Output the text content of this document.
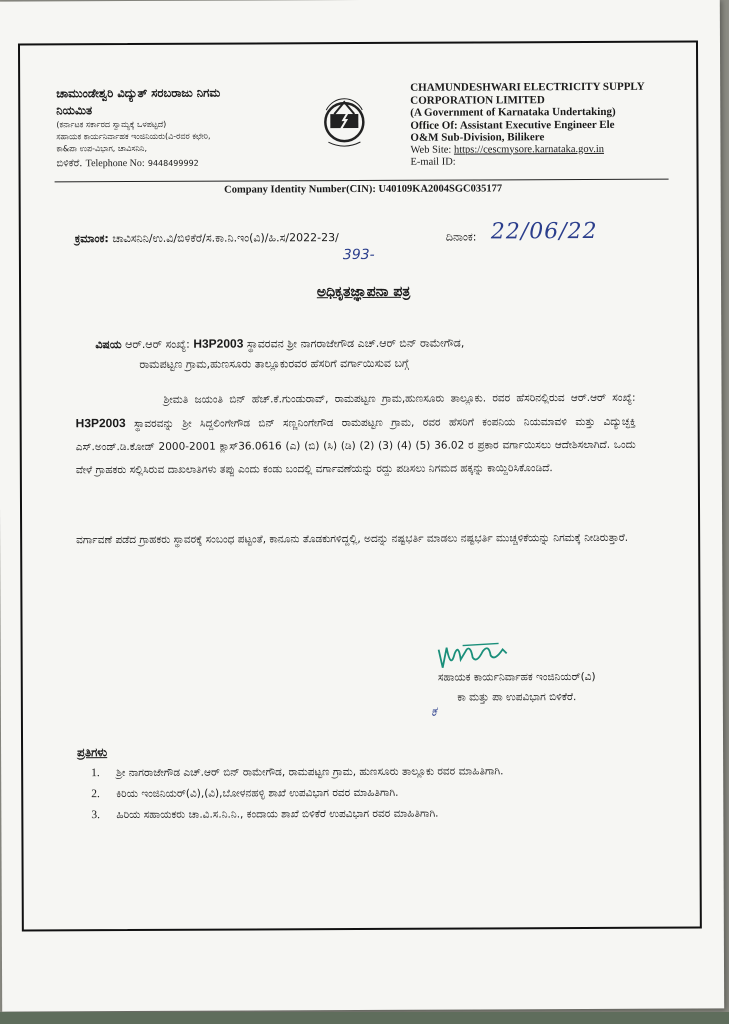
ಚಾಮುಂಡೇಶ್ವರಿ ವಿದ್ಯುತ್ ಸರಬರಾಜು ನಿಗಮ
ನಿಯಮಿತ
(ಕರ್ನಾಟಕ ಸರ್ಕಾರದ ಸ್ವಾಮ್ಯಕ್ಕೆ ಒಳಪಟ್ಟದೆ)
ಸಹಾಯಕ ಕಾರ್ಯನಿರ್ವಾಹಕ ಇಂಜಿನಿಯರು(ವಿ-ರವರ ಕಛೇರಿ,
ಕಾ&ಪಾ ಉಪ-ವಿಭಾಗ, ಚಾವಿಸನಿನಿ,
ಬಿಳಿಕೆರೆ. Telephone No: 9448499992
CHAMUNDESHWARI ELECTRICITY SUPPLY
CORPORATION LIMITED
(A Government of Karnataka Undertaking)
Office Of: Assistant Executive Engineer Ele
O&M Sub-Division, Bilikere
Web Site: https://cescmysore.karnataka.gov.in
E-mail ID:
Company Identity Number(CIN): U40109KA2004SGC035177
ಕ್ರಮಾಂಕ: ಚಾವಿಸನಿನಿ/ಉ.ವಿ/ಬಿಳಿಕೆರೆ/ಸ.ಕಾ.ನಿ.ಇಂ(ವಿ)/ಹಿ.ಸ/2022-23/
393-
ದಿನಾಂಕ: 22/06/22
ಅಧಿಕೃತಜ್ಞಾಪನಾ ಪತ್ರ
ವಿಷಯ ಆರ್.ಆರ್ ಸಂಖ್ಯೆ: H3P2003 ಸ್ಥಾವರವನ ಶ್ರೀ ನಾಗರಾಜೇಗೌಡ ಎಚ್.ಆರ್ ಬಿನ್ ರಾಮೇಗೌಡ,
ರಾಮಪಟ್ಟಣ ಗ್ರಾಮ,ಹುಣಸೂರು ತಾಲ್ಲೂಕುರವರ ಹೆಸರಿಗೆ ವರ್ಗಾಯಿಸುವ ಬಗ್ಗೆ
ಶ್ರೀಮತಿ ಜಯಂತಿ ಬಿನ್ ಹೆಚ್.ಕೆ.ಗುಂಡುರಾವ್, ರಾಮಪಟ್ಟಣ ಗ್ರಾಮ,ಹುಣಸೂರು ತಾಲ್ಲೂಕು. ರವರ ಹೆಸರಿನಲ್ಲಿರುವ ಆರ್.ಆರ್ ಸಂಖ್ಯೆ: H3P2003 ಸ್ಥಾವರವನ್ನು ಶ್ರೀ ಸಿದ್ದಲಿಂಗೇಗೌಡ ಬಿನ್ ಸಣ್ಣನಿಂಗೇಗೌಡ ರಾಮಪಟ್ಟಣ ಗ್ರಾಮ, ರವರ ಹೆಸರಿಗೆ ಕಂಪನಿಯ ನಿಯಮಾವಳಿ ಮತ್ತು ವಿದ್ಯುಚ್ಛಕ್ತಿ ಎಸ್.ಅಂಡ್.ಡಿ.ಕೋಡ್ 2000-2001 ಕ್ಲಾಸ್36.0616 (ಎ) (ಬಿ) (ಸಿ) (ಡಿ) (2) (3) (4) (5) 36.02 ರ ಪ್ರಕಾರ ವರ್ಗಾಯಿಸಲು ಆದೇಶಿಸಲಾಗಿದೆ. ಒಂದು ವೇಳೆ ಗ್ರಾಹಕರು ಸಲ್ಲಿಸಿರುವ ದಾಖಲಾತಿಗಳು ತಪ್ಪು ಎಂದು ಕಂಡು ಬಂದಲ್ಲಿ ವರ್ಗಾವಣೆಯನ್ನು ರದ್ದು ಪಡಿಸಲು ನಿಗಮದ ಹಕ್ಕನ್ನು ಕಾಯ್ದಿರಿಸಿಕೊಂಡಿದೆ.
ವರ್ಗಾವಣೆ ಪಡೆದ ಗ್ರಾಹಕರು ಸ್ಥಾವರಕ್ಕೆ ಸಂಬಂಧ ಪಟ್ಟಂತೆ, ಕಾನೂನು ತೊಡಕುಗಳಿದ್ದಲ್ಲಿ, ಅದನ್ನು ನಷ್ಟಭರ್ತಿ ಮಾಡಲು ನಷ್ಟಭರ್ತಿ ಮುಚ್ಚಳಿಕೆಯನ್ನು ನಿಗಮಕ್ಕೆ ನೀಡಿರುತ್ತಾರೆ.
ಸಹಾಯಕ ಕಾರ್ಯನಿರ್ವಾಹಕ ಇಂಜಿನಿಯರ್(ವಿ)
ಕಾ ಮತ್ತು ಪಾ ಉಪವಿಭಾಗ ಬಿಳಿಕೆರೆ.
ಕ
ಪ್ರತಿಗಳು
1. ಶ್ರೀ ನಾಗರಾಜೇಗೌಡ ಎಚ್.ಆರ್ ಬಿನ್ ರಾಮೇಗೌಡ, ರಾಮಪಟ್ಟಣ ಗ್ರಾಮ, ಹುಣಸೂರು ತಾಲ್ಲೂಕು ರವರ ಮಾಹಿತಿಗಾಗಿ.
2. ಕಿರಿಯ ಇಂಜಿನಿಯರ್(ವಿ),(ವಿ),ಬೋಳನಹಳ್ಳಿ ಶಾಖೆ ಉಪವಿಭಾಗ ರವರ ಮಾಹಿತಿಗಾಗಿ.
3. ಹಿರಿಯ ಸಹಾಯಕರು ಚಾ.ವಿ.ಸ.ನಿ.ನಿ., ಕಂದಾಯ ಶಾಖೆ ಬಿಳಿಕೆರೆ ಉಪವಿಭಾಗ ರವರ ಮಾಹಿತಿಗಾಗಿ.
